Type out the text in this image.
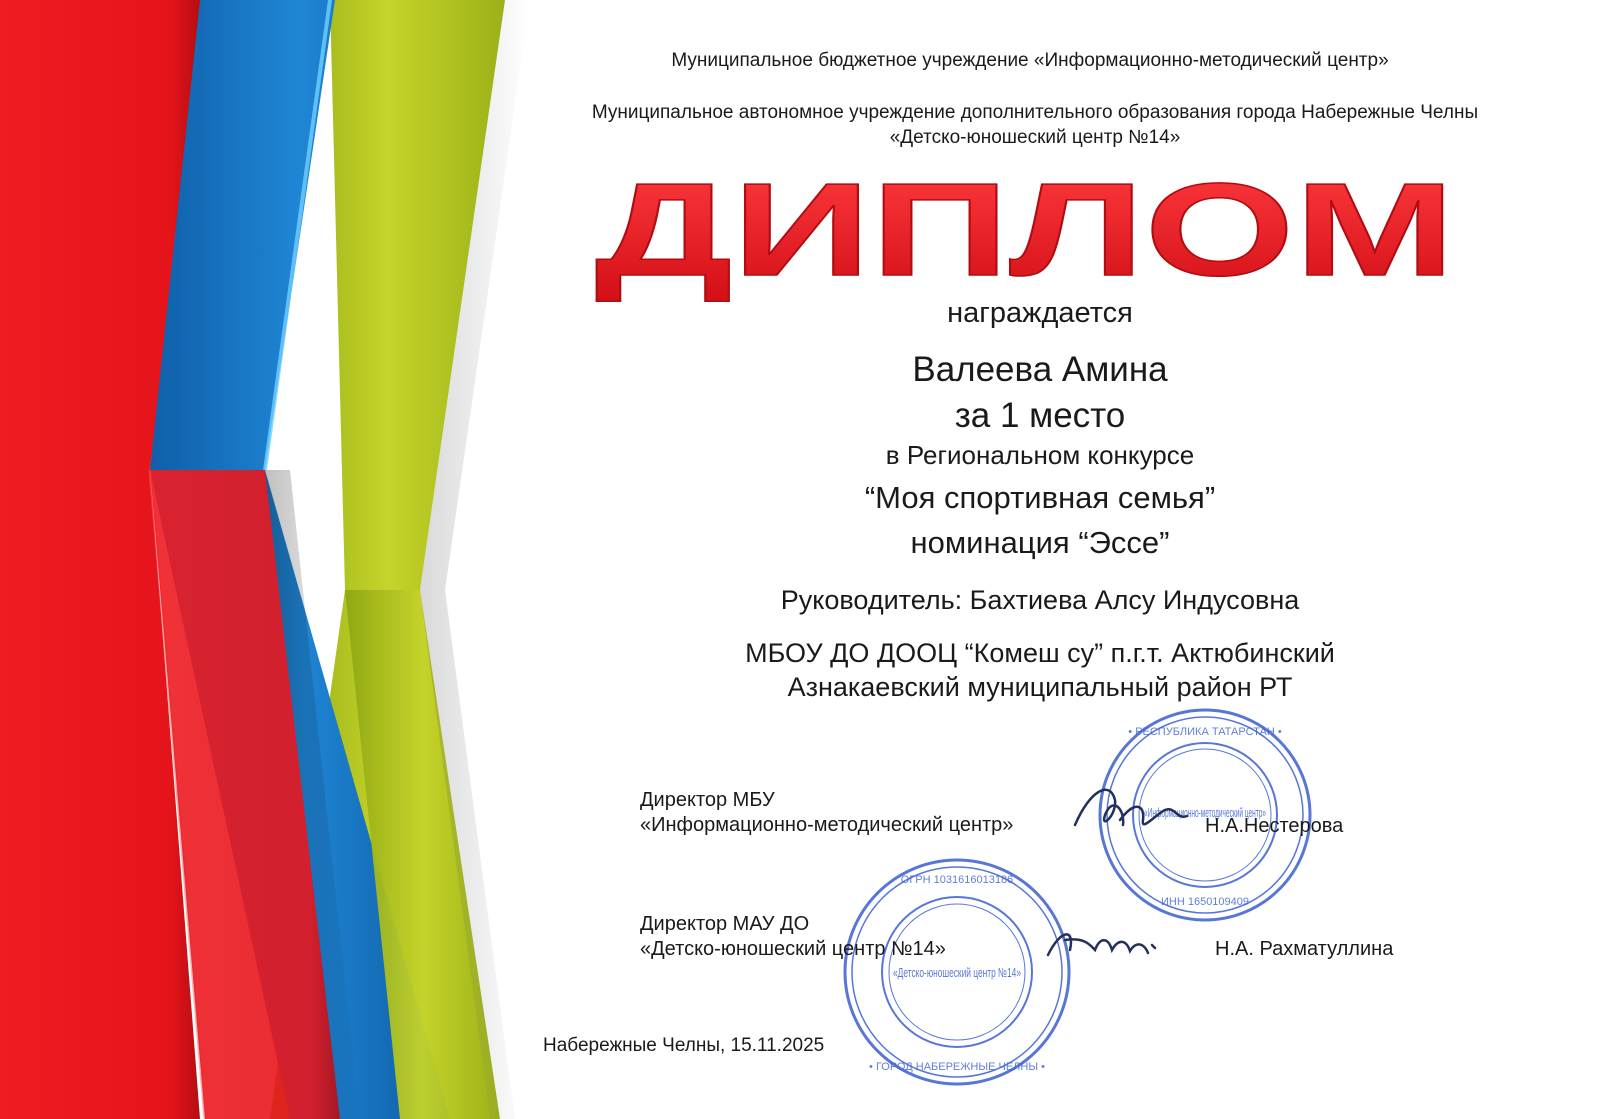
Муниципальное бюджетное учреждение «Информационно-методический центр»
Муниципальное автономное учреждение дополнительного образования города Набережные Челны
«Детско-юношеский центр №14»
ДИПЛОМ
награждается
Валеева Амина
за 1 место
в Региональном конкурсе
“Моя спортивная семья”
номинация “Эссе”
Руководитель: Бахтиева Алсу Индусовна
МБОУ ДО ДООЦ “Комеш су” п.г.т. Актюбинский
Азнакаевский муниципальный район РТ
• РЕСПУБЛИКА ТАТАРСТАН •
ИНН 1650109409
«Информационно-методический центр»
ОГРН 1031616013186
• ГОРОД НАБЕРЕЖНЫЕ ЧЕЛНЫ •
«Детско-юношеский центр №14»
Директор МБУ
«Информационно-методический центр»	Н.А.Нестерова
Директор МАУ ДО
«Детско-юношеский центр №14»	Н.А. Рахматуллина
Набережные Челны, 15.11.2025
